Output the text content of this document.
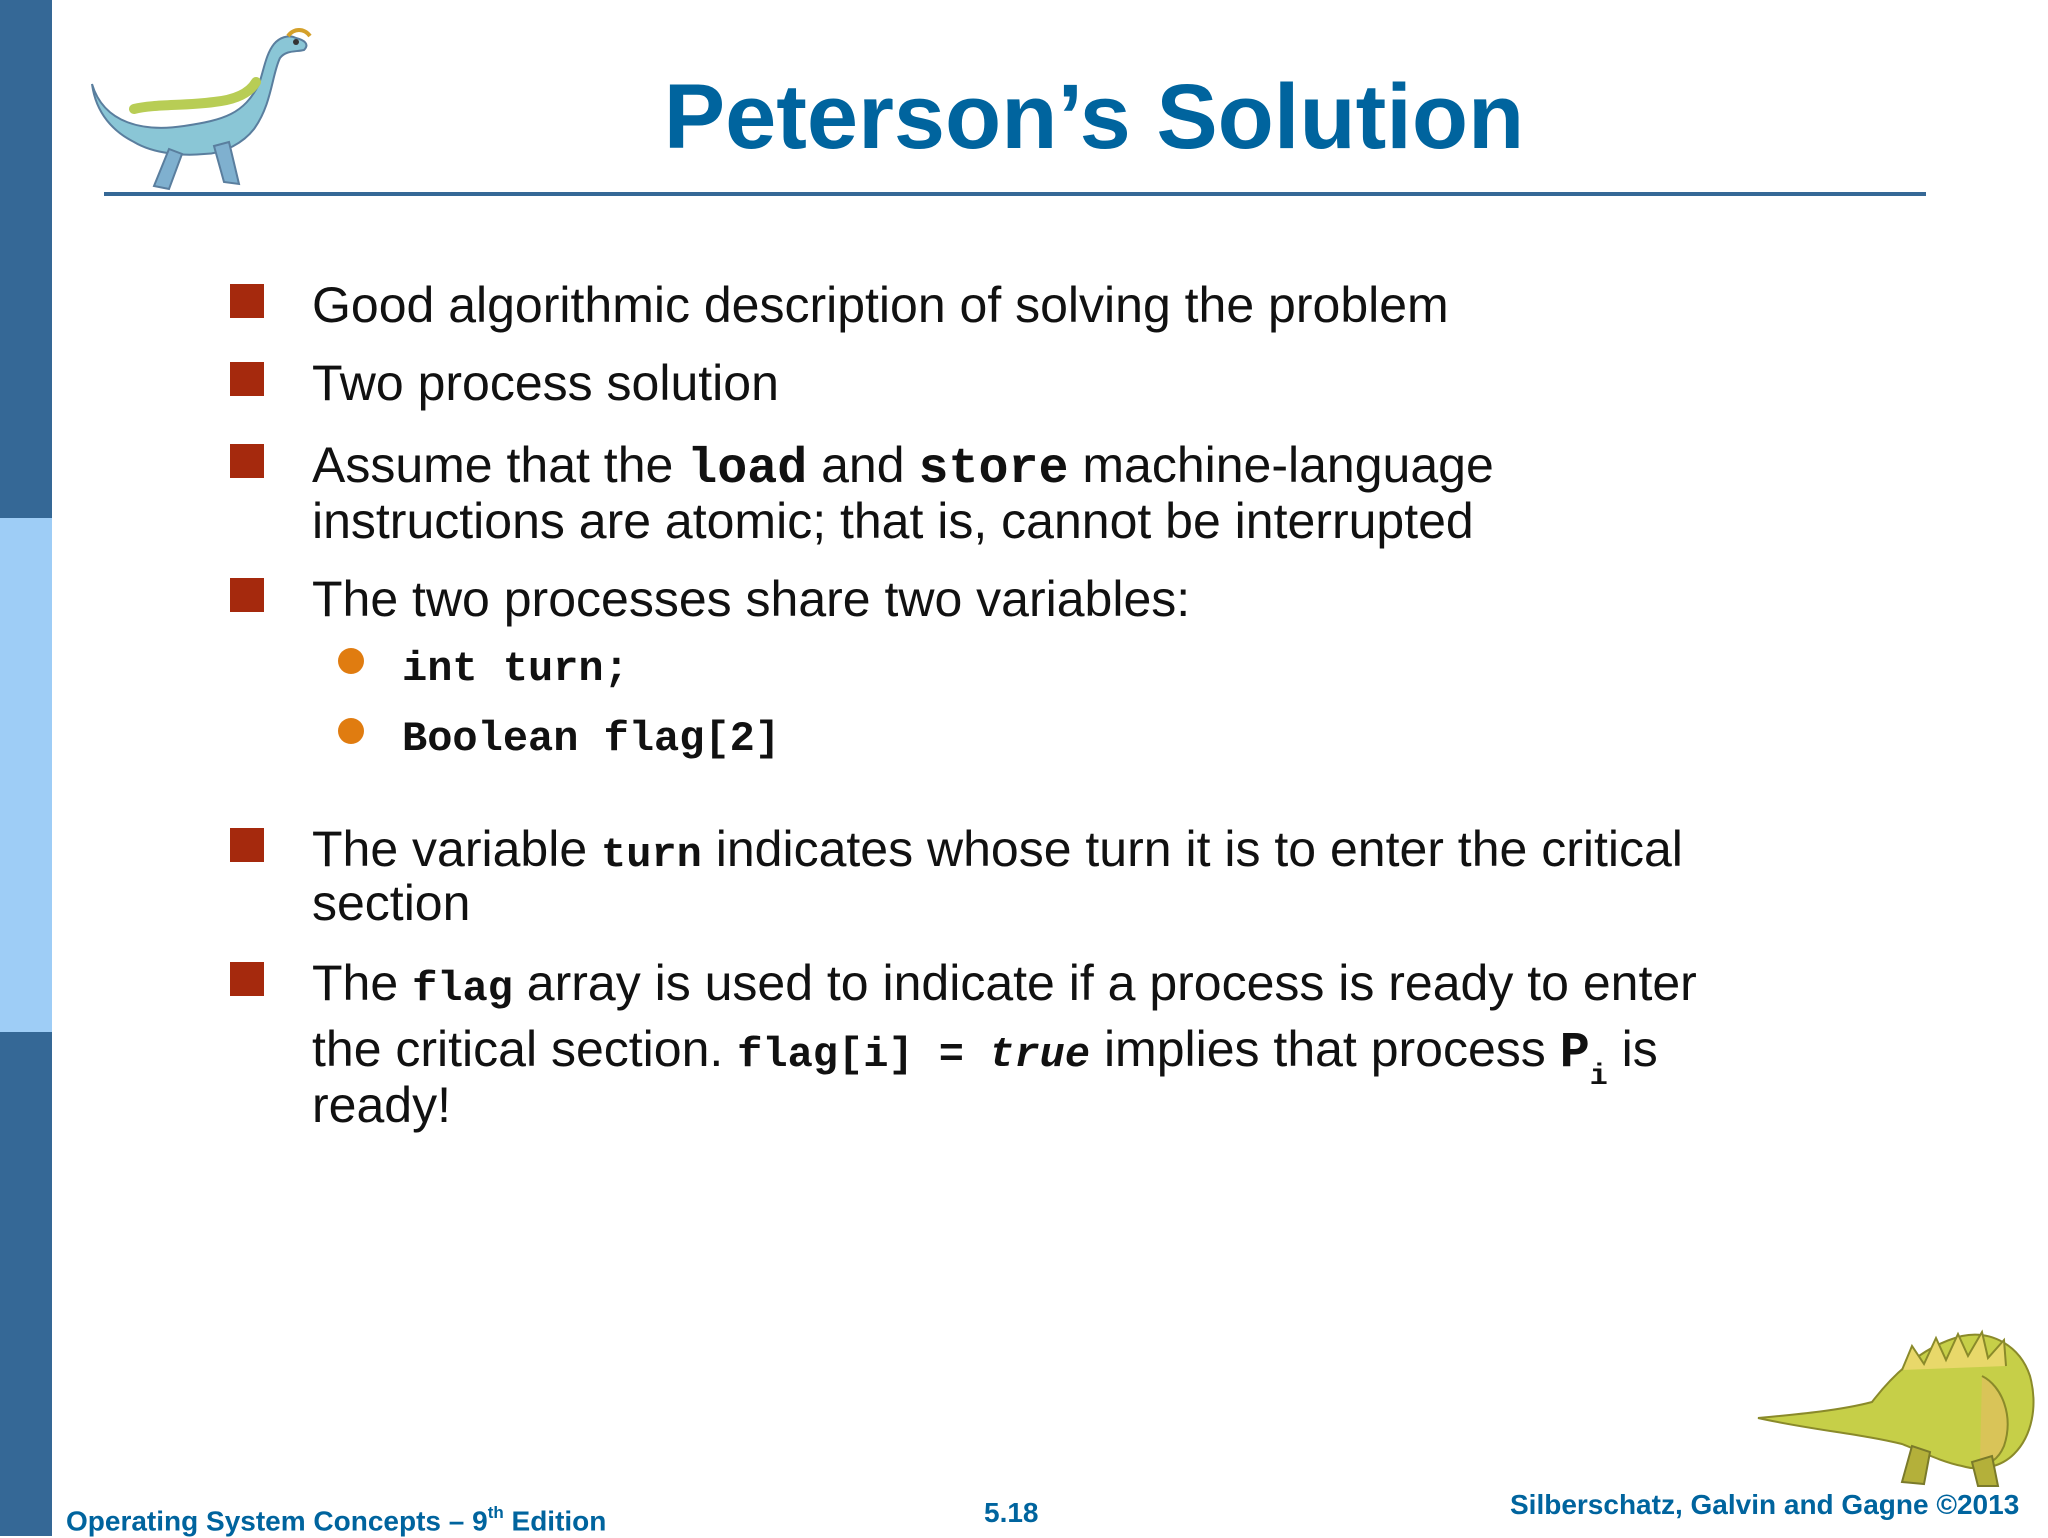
Peterson’s Solution
Good algorithmic description of solving the problem
Two process solution
Assume that the load and store machine-language
instructions are atomic; that is, cannot be interrupted
The two processes share two variables:
int turn;
Boolean flag[2]
The variable turn indicates whose turn it is to enter the critical
section
The flag array is used to indicate if a process is ready to enter
the critical section. flag[i] = true implies that process $P_i$ is
ready!
Operating System Concepts – 9th Edition	5.18	Silberschatz, Galvin and Gagne ©2013
